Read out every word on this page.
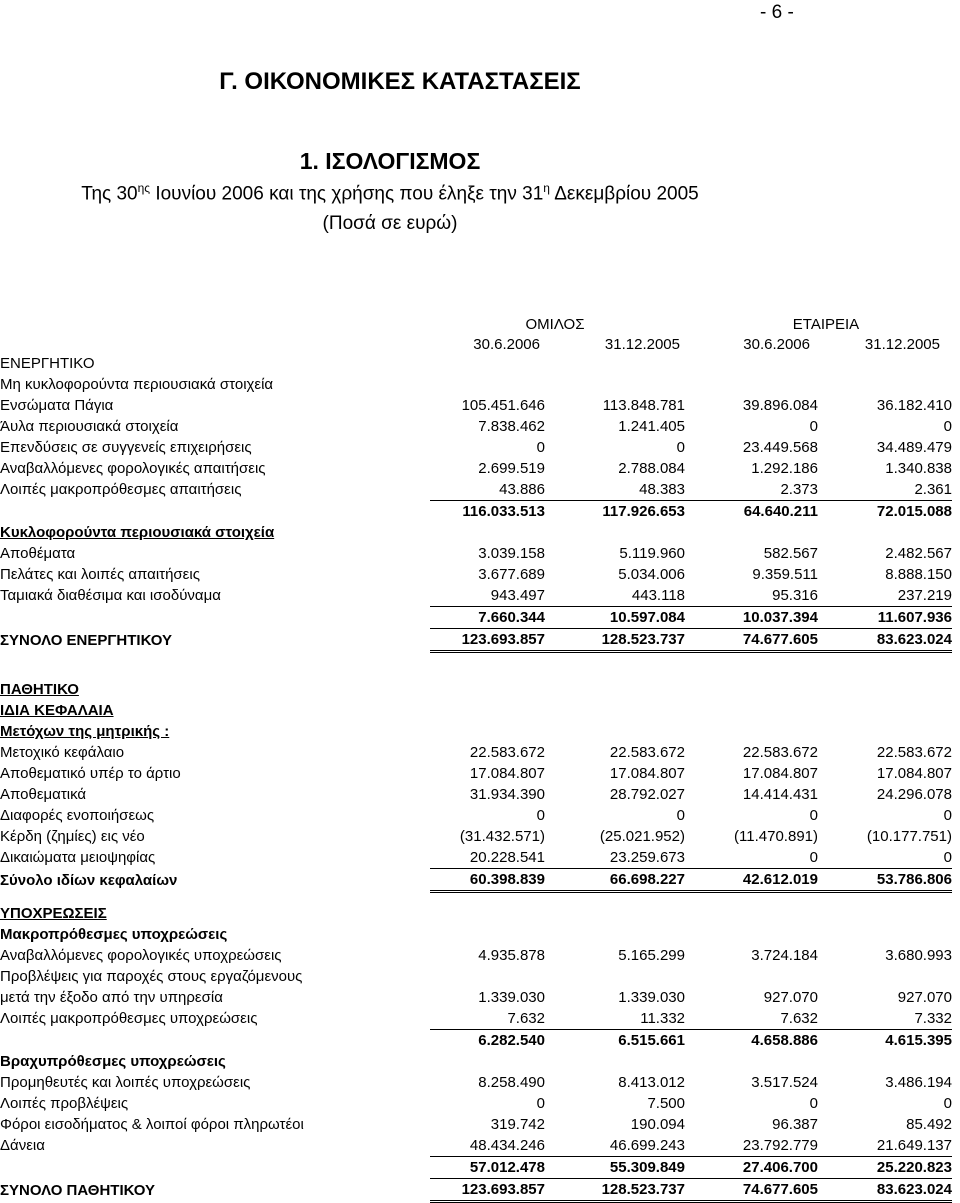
- 6 -
Γ. ΟΙΚΟΝΟΜΙΚΕΣ ΚΑΤΑΣΤΑΣΕΙΣ
1. ΙΣΟΛΟΓΙΣΜΟΣ
Της $30^{\eta\varsigma}$ Ιουνίου 2006 και της χρήσης που έληξε την $31^\eta$ Δεκεμβρίου 2005
(Ποσά σε ευρώ)
ΟΜΙΛΟΣ	ΕΤΑΙΡΕΙΑ
30.6.2006	31.12.2005	30.6.2006	31.12.2005
ΕΝΕΡΓΗΤΙΚΟ				
Μη κυκλοφορούντα περιουσιακά στοιχεία				
Ενσώματα Πάγια	105.451.646	113.848.781	39.896.084	36.182.410
Άυλα περιουσιακά στοιχεία	7.838.462	1.241.405	0	0
Επενδύσεις σε συγγενείς επιχειρήσεις	0	0	23.449.568	34.489.479
Αναβαλλόμενες φορολογικές απαιτήσεις	2.699.519	2.788.084	1.292.186	1.340.838
Λοιπές μακροπρόθεσμες απαιτήσεις	43.886	48.383	2.373	2.361
	116.033.513	117.926.653	64.640.211	72.015.088
Κυκλοφορούντα περιουσιακά στοιχεία				
Αποθέματα	3.039.158	5.119.960	582.567	2.482.567
Πελάτες και λοιπές απαιτήσεις	3.677.689	5.034.006	9.359.511	8.888.150
Ταμιακά διαθέσιμα και ισοδύναμα	943.497	443.118	95.316	237.219
	7.660.344	10.597.084	10.037.394	11.607.936
ΣΥΝΟΛΟ ΕΝΕΡΓΗΤΙΚΟΥ	123.693.857	128.523.737	74.677.605	83.623.024
ΠΑΘΗΤΙΚΟ				
ΙΔΙΑ ΚΕΦΑΛΑΙΑ				
Μετόχων της μητρικής :				
Μετοχικό κεφάλαιο	22.583.672	22.583.672	22.583.672	22.583.672
Αποθεματικό υπέρ το άρτιο	17.084.807	17.084.807	17.084.807	17.084.807
Αποθεματικά	31.934.390	28.792.027	14.414.431	24.296.078
Διαφορές ενοποιήσεως	0	0	0	0
Κέρδη (ζημίες) εις νέο	(31.432.571)	(25.021.952)	(11.470.891)	(10.177.751)
Δικαιώματα μειοψηφίας	20.228.541	23.259.673	0	0
Σύνολο ιδίων κεφαλαίων	60.398.839	66.698.227	42.612.019	53.786.806

ΥΠΟΧΡΕΩΣΕΙΣ				
Μακροπρόθεσμες υποχρεώσεις				
Αναβαλλόμενες φορολογικές υποχρεώσεις	4.935.878	5.165.299	3.724.184	3.680.993
Προβλέψεις για παροχές στους εργαζόμενους				
μετά την έξοδο από την υπηρεσία	1.339.030	1.339.030	927.070	927.070
Λοιπές μακροπρόθεσμες υποχρεώσεις	7.632	11.332	7.632	7.332
	6.282.540	6.515.661	4.658.886	4.615.395
Βραχυπρόθεσμες υποχρεώσεις				
Προμηθευτές και λοιπές υποχρεώσεις	8.258.490	8.413.012	3.517.524	3.486.194
Λοιπές προβλέψεις	0	7.500	0	0
Φόροι εισοδήματος & λοιποί φόροι πληρωτέοι	319.742	190.094	96.387	85.492
Δάνεια	48.434.246	46.699.243	23.792.779	21.649.137
	57.012.478	55.309.849	27.406.700	25.220.823
ΣΥΝΟΛΟ ΠΑΘΗΤΙΚΟΥ	123.693.857	128.523.737	74.677.605	83.623.024
